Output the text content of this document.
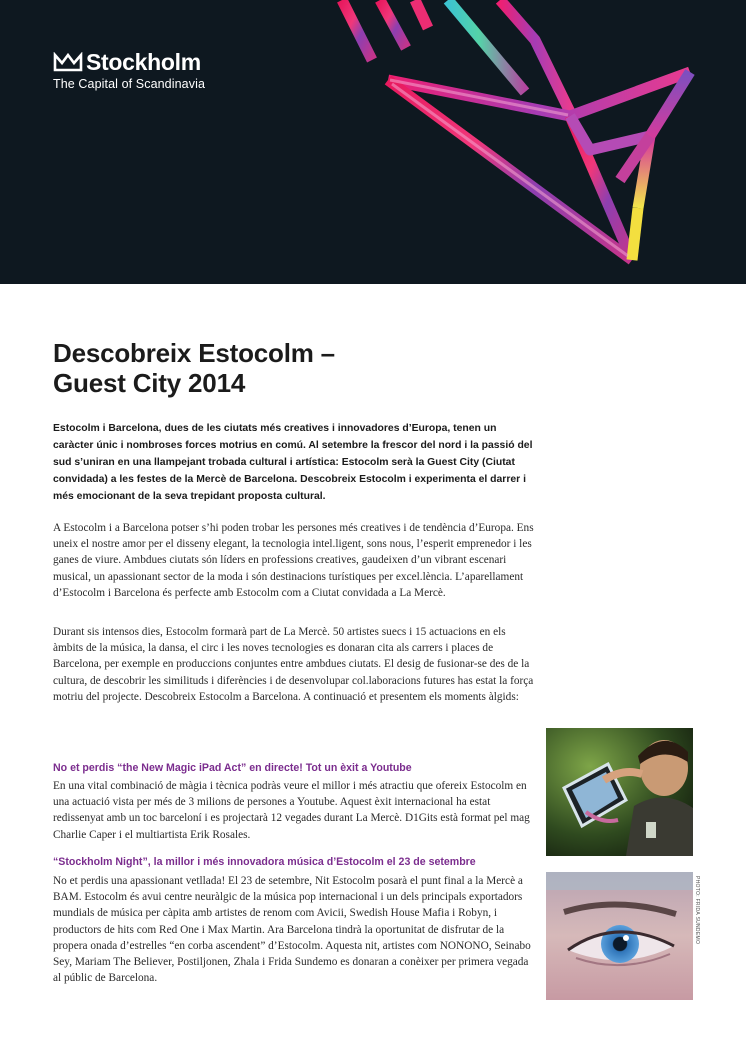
Stockholm
The Capital of Scandinavia
Descobreix Estocolm –
Guest City 2014

Estocolm i Barcelona, dues de les ciutats més creatives i innovadores d’Europa, tenen un caràcter únic i nombroses forces motrius en comú. Al setembre la frescor del nord i la passió del sud s’uniran en una llampejant trobada cultural i artística: Estocolm serà la Guest City (Ciutat convidada) a les festes de la Mercè de Barcelona. Descobreix Estocolm i experimenta el darrer i més emocionant de la seva trepidant proposta cultural.

A Estocolm i a Barcelona potser s’hi poden trobar les persones més creatives i de tendència d’Europa. Ens uneix el nostre amor per el disseny elegant, la tecnologia intel.ligent, sons nous, l’esperit emprenedor i les ganes de viure. Ambdues ciutats són líders en professions creatives, gaudeixen d’un vibrant escenari musical, un apassionant sector de la moda i són destinacions turístiques per excel.lència. L’aparellament d’Estocolm i Barcelona és perfecte amb Estocolm com a Ciutat convidada a La Mercè.

Durant sis intensos dies, Estocolm formarà part de La Mercè. 50 artistes suecs i 15 actuacions en els àmbits de la música, la dansa, el circ i les noves tecnologies es donaran cita als carrers i places de Barcelona, per exemple en produccions conjuntes entre ambdues ciutats. El desig de fusionar-se des de la cultura, de descobrir les similituds i diferències i de desenvolupar col.laboracions futures has estat la força motriu del projecte. Descobreix Estocolm a Barcelona. A continuació et presentem els moments àlgids:

No et perdis “the New Magic iPad Act” en directe! Tot un èxit a Youtube

En una vital combinació de màgia i tècnica podràs veure el millor i més atractiu que ofereix Estocolm en una actuació vista per més de 3 milions de persones a Youtube. Aquest èxit internacional ha estat redissenyat amb un toc barceloní i es projectarà 12 vegades durant La Mercè. D1Gits està format pel mag Charlie Caper i el multiartista Erik Rosales.

“Stockholm Night”, la millor i més innovadora música d’Estocolm el 23 de setembre

No et perdis una apassionant vetllada! El 23 de setembre, Nit Estocolm posarà el punt final a la Mercè a BAM. Estocolm és avui centre neuràlgic de la música pop internacional i un dels principals exportadors mundials de música per càpita amb artistes de renom com Avicii, Swedish House Mafia i Robyn, i productors de hits com Red One i Max Martin. Ara Barcelona tindrà la oportunitat de disfrutar de la propera onada d’estrelles “en corba ascendent” d’Estocolm. Aquesta nit, artistes com NONONO, Seinabo Sey, Mariam The Believer, Postiljonen, Zhala i Frida Sundemo es donaran a conèixer per primera vegada al públic de Barcelona.

PHOTO: FRIDA SUNDEMO
